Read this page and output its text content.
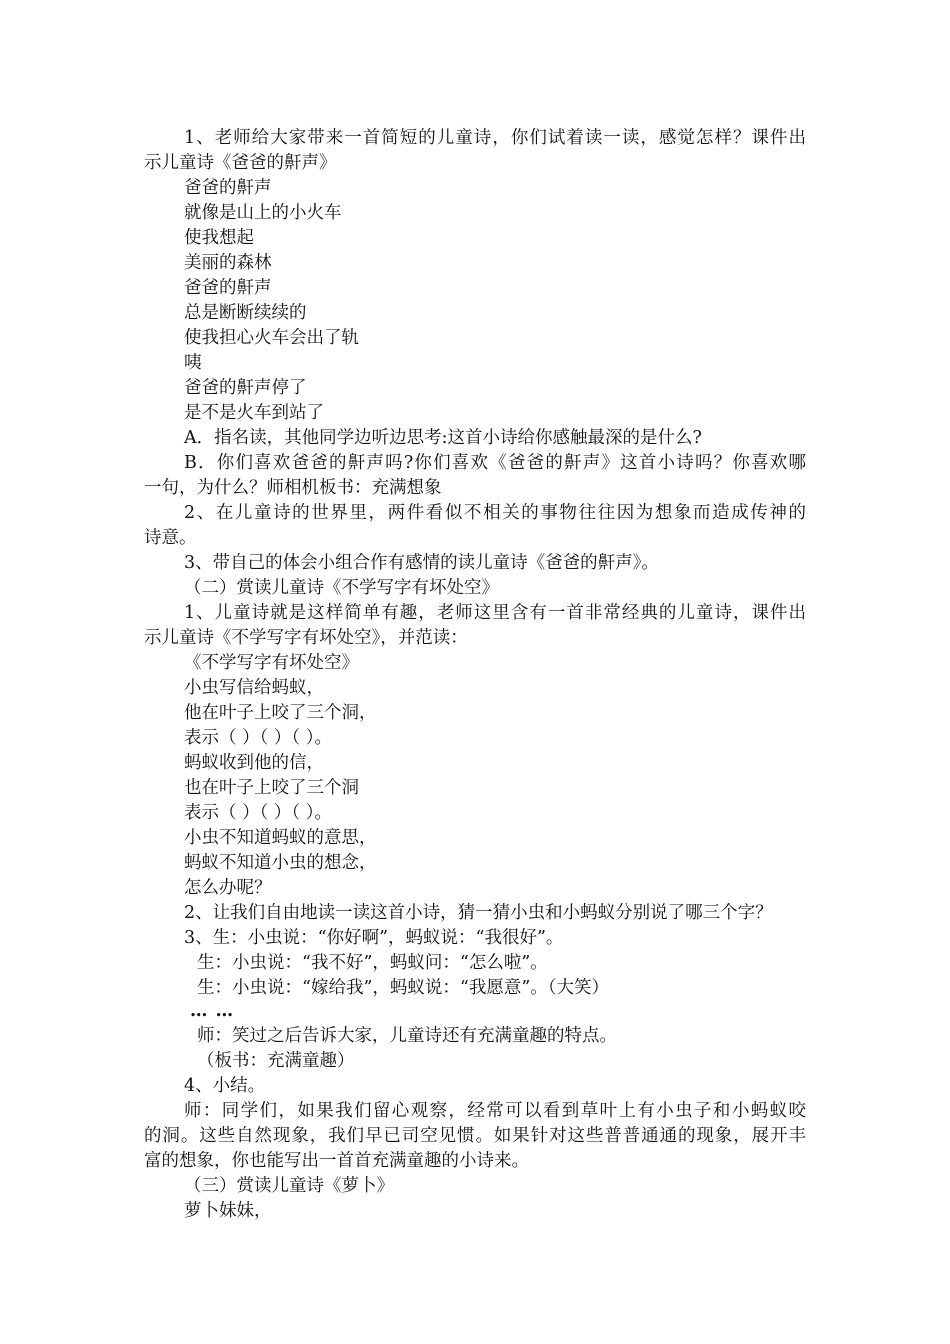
1、老师给大家带来一首简短的儿童诗，你们试着读一读，感觉怎样？课件出
示儿童诗《爸爸的鼾声》
爸爸的鼾声
就像是山上的小火车
使我想起
美丽的森林
爸爸的鼾声
总是断断续续的
使我担心火车会出了轨
咦
爸爸的鼾声停了
是不是火车到站了
A．指名读，其他同学边听边思考:这首小诗给你感触最深的是什么?
B．你们喜欢爸爸的鼾声吗?你们喜欢《爸爸的鼾声》这首小诗吗？你喜欢哪
一句，为什么？师相机板书：充满想象
2、在儿童诗的世界里，两件看似不相关的事物往往因为想象而造成传神的
诗意。
3、带自己的体会小组合作有感情的读儿童诗《爸爸的鼾声》。
（二）赏读儿童诗《不学写字有坏处空》
1、儿童诗就是这样简单有趣，老师这里含有一首非常经典的儿童诗，课件出
示儿童诗《不学写字有坏处空》，并范读：
《不学写字有坏处空》
小虫写信给蚂蚁，
他在叶子上咬了三个洞，
表示（ ）（ ）（ ）。
蚂蚁收到他的信，
也在叶子上咬了三个洞
表示（ ）（ ）（ ）。
小虫不知道蚂蚁的意思，
蚂蚁不知道小虫的想念，
怎么办呢？
2、让我们自由地读一读这首小诗，猜一猜小虫和小蚂蚁分别说了哪三个字？
3、生：小虫说：“你好啊”，蚂蚁说：“我很好”。
生：小虫说：“我不好”，蚂蚁问：“怎么啦”。
生：小虫说：“嫁给我”，蚂蚁说：“我愿意”。（大笑）
… …
师：笑过之后告诉大家，儿童诗还有充满童趣的特点。
（板书：充满童趣）
4、小结。
师：同学们，如果我们留心观察，经常可以看到草叶上有小虫子和小蚂蚁咬
的洞。这些自然现象，我们早已司空见惯。如果针对这些普普通通的现象，展开丰
富的想象，你也能写出一首首充满童趣的小诗来。
（三）赏读儿童诗《萝卜》
萝卜妹妹，
